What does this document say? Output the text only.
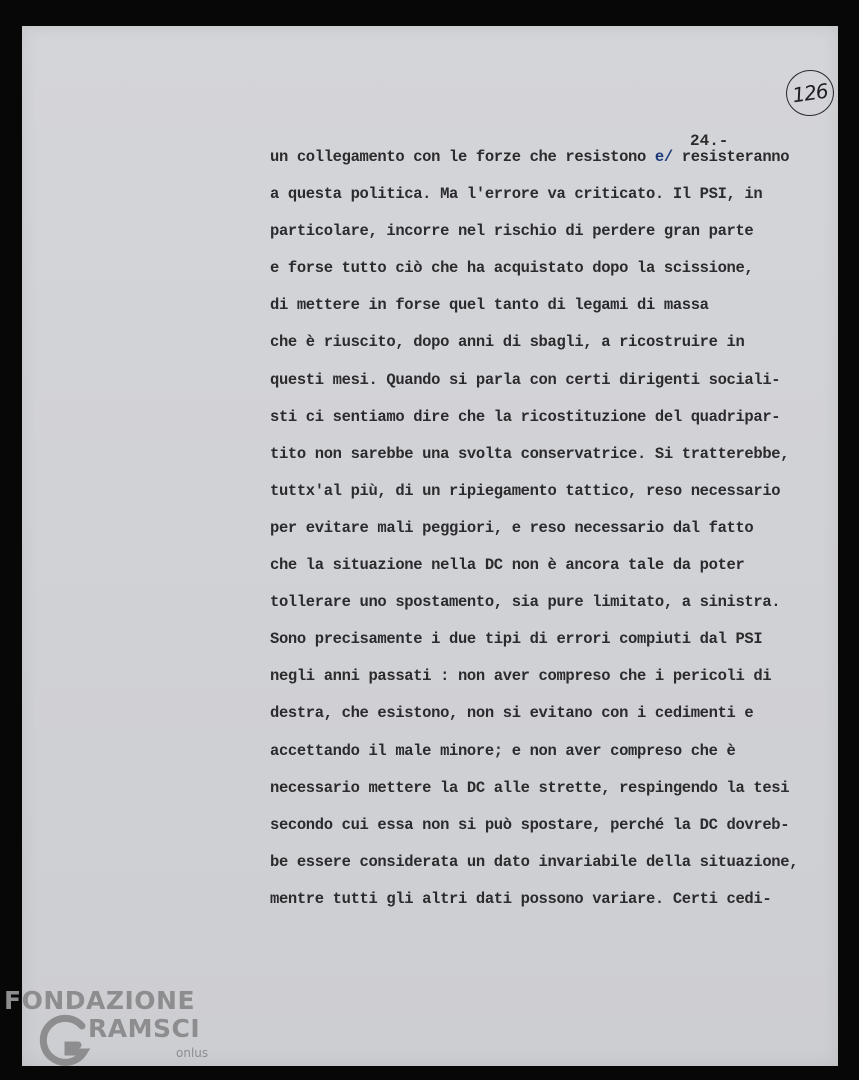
126
24.-
un collegamento con le forze che resistono e/ resisteranno
a questa politica. Ma l'errore va criticato. Il PSI, in
particolare, incorre nel rischio di perdere gran parte
e forse tutto ciò che ha acquistato dopo la scissione,
di mettere in forse quel tanto di legami di massa
che è riuscito, dopo anni di sbagli, a ricostruire in
questi mesi. Quando si parla con certi dirigenti sociali-
sti ci sentiamo dire che la ricostituzione del quadripar-
tito non sarebbe una svolta conservatrice. Si tratterebbe,
tuttx'al più, di un ripiegamento tattico, reso necessario
per evitare mali peggiori, e reso necessario dal fatto
che la situazione nella DC non è ancora tale da poter
tollerare uno spostamento, sia pure limitato, a sinistra.
Sono precisamente i due tipi di errori compiuti dal PSI
negli anni passati : non aver compreso che i pericoli di
destra, che esistono, non si evitano con i cedimenti e
accettando il male minore; e non aver compreso che è
necessario mettere la DC alle strette, respingendo la tesi
secondo cui essa non si può spostare, perché la DC dovreb-
be essere considerata un dato invariabile della situazione,
mentre tutti gli altri dati possono variare. Certi cedi-
FONDAZIONE
RAMSCI
onlus
